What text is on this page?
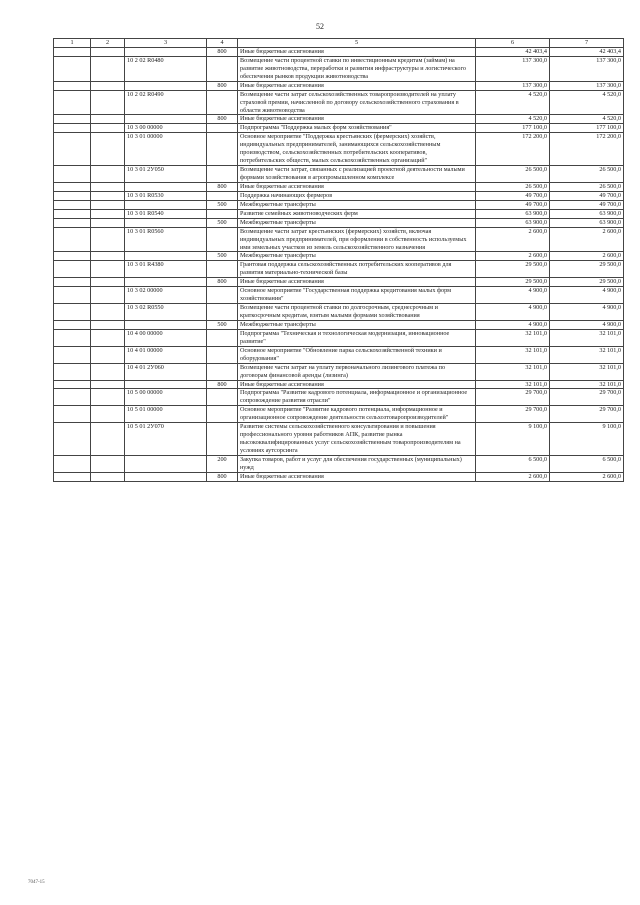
52
1	2	3	4	5	6	7
			800	Иные бюджетные ассигнования	42 403,4	42 403,4
		10 2 02 R0480		Возмещение части процентной ставки по инвестиционным кредитам (займам) на развитие животноводства, переработки и развития инфраструктуры и логистического обеспечения рынков продукции животноводства	137 300,0	137 300,0
			800	Иные бюджетные ассигнования	137 300,0	137 300,0
		10 2 02 R0490		Возмещение части затрат сельскохозяйственных товаропроизводителей на уплату страховой премии, начисленной по договору сельскохозяйственного страхования в области животноводства	4 520,0	4 520,0
			800	Иные бюджетные ассигнования	4 520,0	4 520,0
		10 3 00 00000		Подпрограмма "Поддержка малых форм хозяйствования"	177 100,0	177 100,0
		10 3 01 00000		Основное мероприятие "Поддержка крестьянских (фермерских) хозяйств, индивидуальных предпринимателей, занимающихся сельскохозяйственным производством, сельскохозяйственных потребительских кооперативов, потребительских обществ, малых сельскохозяйственных организаций"	172 200,0	172 200,0
		10 3 01 2У050		Возмещение части затрат, связанных с реализацией проектной деятельности малыми формами хозяйствования в агропромышленном комплексе	26 500,0	26 500,0
			800	Иные бюджетные ассигнования	26 500,0	26 500,0
		10 3 01 R0530		Поддержка начинающих фермеров	49 700,0	49 700,0
			500	Межбюджетные трансферты	49 700,0	49 700,0
		10 3 01 R0540		Развитие семейных животноводческих ферм	63 900,0	63 900,0
			500	Межбюджетные трансферты	63 900,0	63 900,0
		10 3 01 R0560		Возмещение части затрат крестьянских (фермерских) хозяйств, включая индивидуальных предпринимателей, при оформлении в собственность используемых ими земельных участков из земель сельскохозяйственного назначения	2 600,0	2 600,0
			500	Межбюджетные трансферты	2 600,0	2 600,0
		10 3 01 R4380		Грантовая поддержка сельскохозяйственных потребительских кооперативов для развития материально-технической базы	29 500,0	29 500,0
			800	Иные бюджетные ассигнования	29 500,0	29 500,0
		10 3 02 00000		Основное мероприятие "Государственная поддержка кредитования малых форм хозяйствования"	4 900,0	4 900,0
		10 3 02 R0550		Возмещение части процентной ставки по долгосрочным, среднесрочным и краткосрочным кредитам, взятым малыми формами хозяйствования	4 900,0	4 900,0
			500	Межбюджетные трансферты	4 900,0	4 900,0
		10 4 00 00000		Подпрограмма "Техническая и технологическая модернизация, инновационное развитие"	32 101,0	32 101,0
		10 4 01 00000		Основное мероприятие "Обновление парка сельскохозяйственной техники и оборудования"	32 101,0	32 101,0
		10 4 01 2У060		Возмещение части затрат на уплату первоначального лизингового платежа по договорам финансовой аренды (лизинга)	32 101,0	32 101,0
			800	Иные бюджетные ассигнования	32 101,0	32 101,0
		10 5 00 00000		Подпрограмма "Развитие кадрового потенциала, информационное и организационное сопровождение развития отрасли"	29 700,0	29 700,0
		10 5 01 00000		Основное мероприятие "Развитие кадрового потенциала, информационное и организационное сопровождение деятельности сельхозтоваропроизводителей"	29 700,0	29 700,0
		10 5 01 2У070		Развитие системы сельскохозяйственного консультирования и повышения профессионального уровня работников АПК, развитие рынка высококвалифицированных услуг сельскохозяйственным товаропроизводителям на условиях аутсорсинга	9 100,0	9 100,0
			200	Закупка товаров, работ и услуг для обеспечения государственных (муниципальных) нужд	6 500,0	6 500,0
			800	Иные бюджетные ассигнования	2 600,0	2 600,0
7047-15
